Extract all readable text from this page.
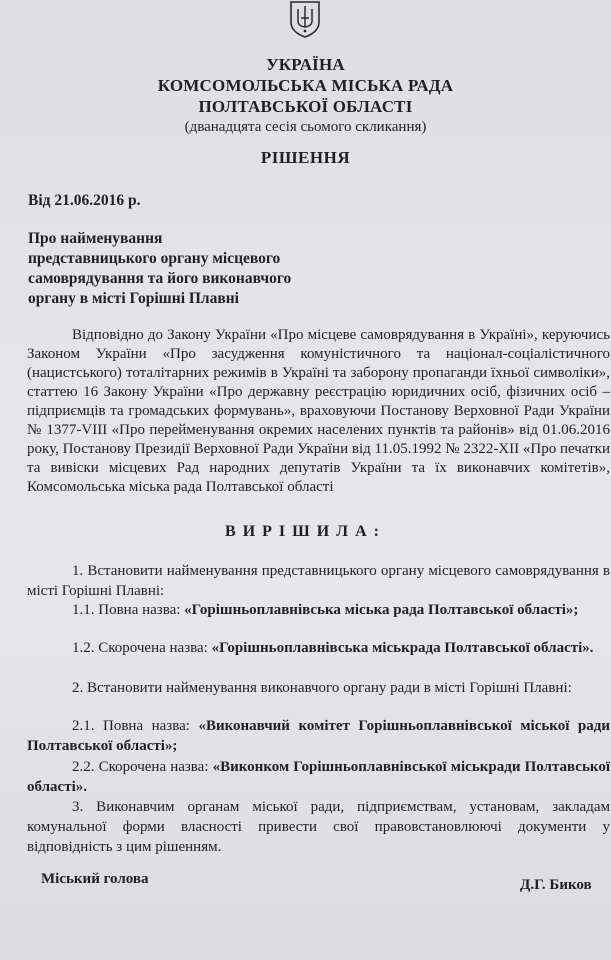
УКРАЇНА
КОМСОМОЛЬСЬКА МІСЬКА РАДА
ПОЛТАВСЬКОЇ ОБЛАСТІ
(дванадцята сесія сьомого скликання)
РІШЕННЯ
Від 21.06.2016 р.
Про найменування
представницького органу місцевого
самоврядування та його виконавчого
органу в місті Горішні Плавні
Відповідно до Закону України «Про місцеве самоврядування в Україні», керуючись Законом України «Про засудження комуністичного та націонал-соціалістичного (нацистського) тоталітарних режимів в Україні та заборону пропаганди їхньої символіки», статтею 16 Закону України «Про державну реєстрацію юридичних осіб, фізичних осіб – підприємців та громадських формувань», враховуючи Постанову Верховної Ради України № 1377-VIII «Про перейменування окремих населених пунктів та районів» від 01.06.2016 року, Постанову Президії Верховної Ради України від 11.05.1992 № 2322-XII «Про печатки та вивіски місцевих Рад народних депутатів України та їх виконавчих комітетів», Комсомольська міська рада Полтавської області
ВИРІШИЛА:
1. Встановити найменування представницького органу місцевого самоврядування в місті Горішні Плавні:
1.1. Повна назва: «Горішньоплавнівська міська рада Полтавської області»;
1.2. Скорочена назва: «Горішньоплавнівська міськрада Полтавської області».
2. Встановити найменування виконавчого органу ради в місті Горішні Плавні:
2.1. Повна назва: «Виконавчий комітет Горішньоплавнівської міської ради Полтавської області»;
2.2. Скорочена назва: «Виконком Горішньоплавнівської міськради Полтавської області».
3. Виконавчим органам міської ради, підприємствам, установам, закладам комунальної форми власності привести свої правовстановлюючі документи у відповідність з цим рішенням.
Міський голова	Д.Г. Биков
